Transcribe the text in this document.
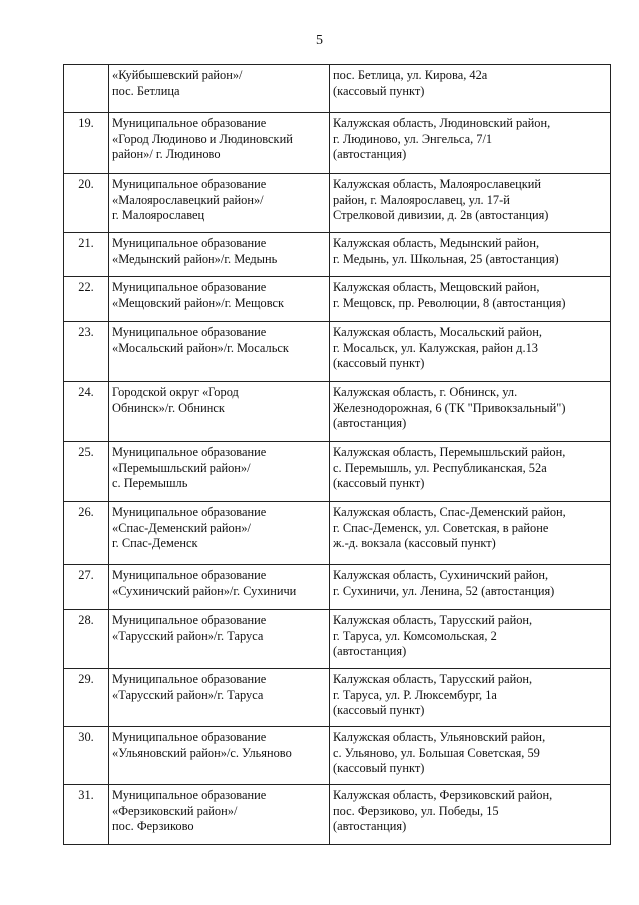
5

	«Куйбышевский район»/
пос. Бетлица	пос. Бетлица, ул. Кирова, 42а
(кассовый пункт)

19.	Муниципальное образование
«Город Людиново и Людиновский
район»/ г. Людиново	Калужская область, Людиновский район,
г. Людиново, ул. Энгельса, 7/1
(автостанция)

20.	Муниципальное образование
«Малоярославецкий район»/
г. Малоярославец	Калужская область, Малоярославецкий
район, г. Малоярославец, ул. 17-й
Стрелковой дивизии, д. 2в (автостанция)

21.	Муниципальное образование
«Медынский район»/г. Медынь	Калужская область, Медынский район,
г. Медынь, ул. Школьная, 25 (автостанция)

22.	Муниципальное образование
«Мещовский район»/г. Мещовск	Калужская область, Мещовский район,
г. Мещовск, пр. Революции, 8 (автостанция)

23.	Муниципальное образование
«Мосальский район»/г. Мосальск	Калужская область, Мосальский район,
г. Мосальск, ул. Калужская, район д.13
(кассовый пункт)

24.	Городской округ «Город
Обнинск»/г. Обнинск	Калужская область, г. Обнинск, ул.
Железнодорожная, 6 (ТК "Привокзальный")
(автостанция)

25.	Муниципальное образование
«Перемышльский район»/
с. Перемышль	Калужская область, Перемышльский район,
с. Перемышль, ул. Республиканская, 52а
(кассовый пункт)

26.	Муниципальное образование
«Спас-Деменский район»/
г. Спас-Деменск	Калужская область, Спас-Деменский район,
г. Спас-Деменск, ул. Советская, в районе
ж.-д. вокзала (кассовый пункт)

27.	Муниципальное образование
«Сухиничский район»/г. Сухиничи	Калужская область, Сухиничский район,
г. Сухиничи, ул. Ленина, 52 (автостанция)

28.	Муниципальное образование
«Тарусский район»/г. Таруса	Калужская область, Тарусский район,
г. Таруса, ул. Комсомольская, 2
(автостанция)

29.	Муниципальное образование
«Тарусский район»/г. Таруса	Калужская область, Тарусский район,
г. Таруса, ул. Р. Люксембург, 1а
(кассовый пункт)

30.	Муниципальное образование
«Ульяновский район»/с. Ульяново	Калужская область, Ульяновский район,
с. Ульяново, ул. Большая Советская, 59
(кассовый пункт)

31.	Муниципальное образование
«Ферзиковский район»/
пос. Ферзиково	Калужская область, Ферзиковский район,
пос. Ферзиково, ул. Победы, 15
(автостанция)
